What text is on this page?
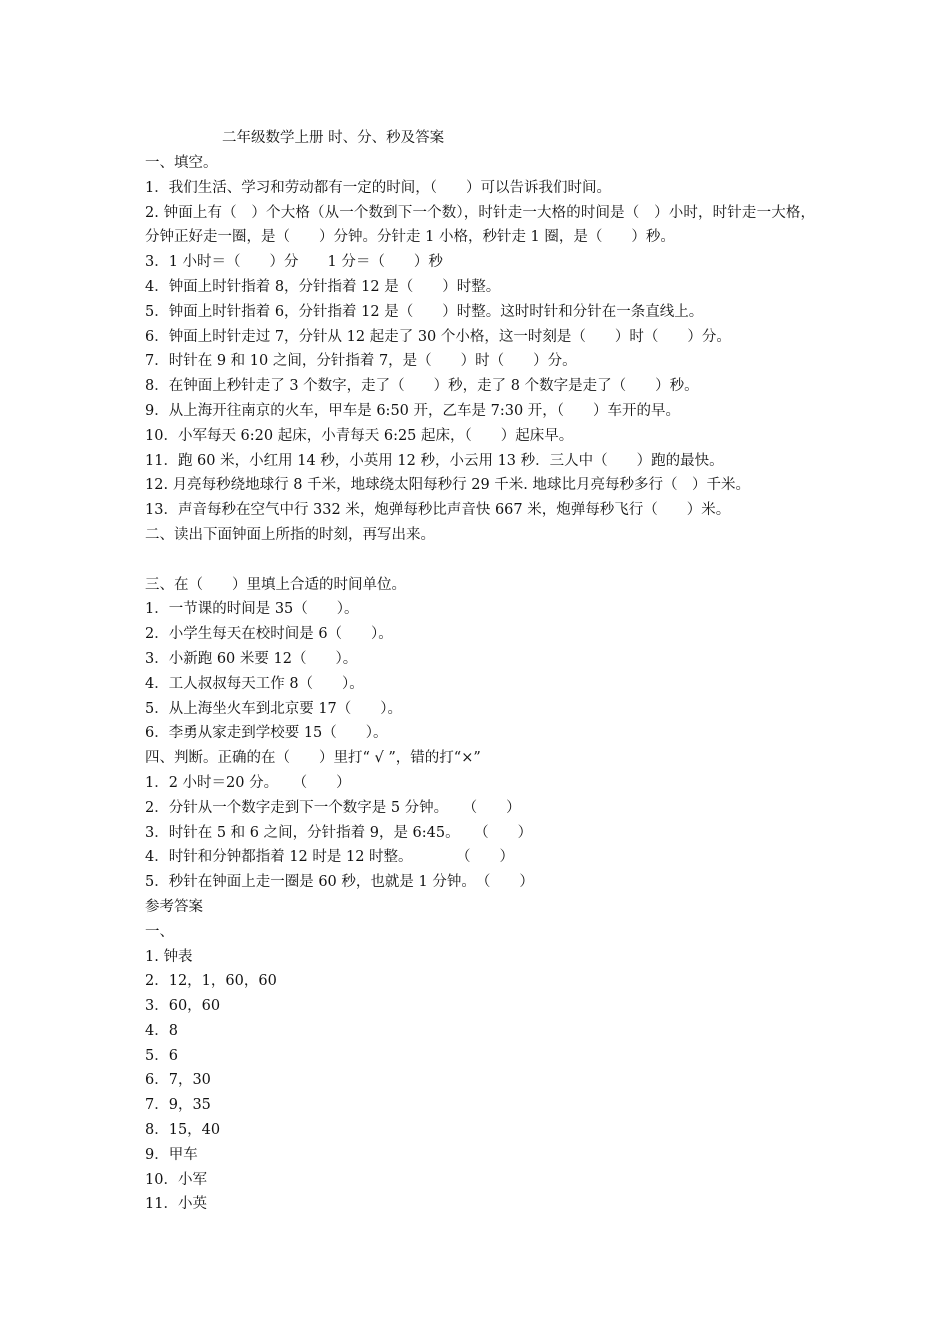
二年级数学上册 时、分、秒及答案
一、填空。
1．我们生活、学习和劳动都有一定的时间，（　　）可以告诉我们时间。
2. 钟面上有（　）个大格（从一个数到下一个数），时针走一大格的时间是（　）小时，时针走一大格，分钟正好走一圈，是（　　）分钟。分针走 1 小格，秒针走 1 圈，是（　　）秒。
3．1 小时＝（　　）分　　1 分＝（　　）秒
4．钟面上时针指着 8，分针指着 12 是（　　）时整。
5．钟面上时针指着 6，分针指着 12 是（　　）时整。这时时针和分针在一条直线上。
6．钟面上时针走过 7，分针从 12 起走了 30 个小格，这一时刻是（　　）时（　　）分。
7．时针在 9 和 10 之间，分针指着 7，是（　　）时（　　）分。
8．在钟面上秒针走了 3 个数字，走了（　　）秒，走了 8 个数字是走了（　　）秒。
9．从上海开往南京的火车，甲车是 6:50 开，乙车是 7:30 开，（　　）车开的早。
10．小军每天 6:20 起床，小青每天 6:25 起床，（　　）起床早。
11．跑 60 米，小红用 14 秒，小英用 12 秒，小云用 13 秒．三人中（　　）跑的最快。
12. 月亮每秒绕地球行 8 千米，地球绕太阳每秒行 29 千米. 地球比月亮每秒多行（　）千米。
13．声音每秒在空气中行 332 米，炮弹每秒比声音快 667 米，炮弹每秒飞行（　　）米。
二、读出下面钟面上所指的时刻，再写出来。
三、在（　　）里填上合适的时间单位。
1．一节课的时间是 35（　　）。
2．小学生每天在校时间是 6（　　）。
3．小新跑 60 米要 12（　　）。
4．工人叔叔每天工作 8（　　）。
5．从上海坐火车到北京要 17（　　）。
6．李勇从家走到学校要 15（　　）。
四、判断。正确的在（　　）里打“ √ ”，错的打“×”
1．2 小时＝20 分。　　（　　）
2．分针从一个数字走到下一个数字是 5 分钟。　　（　　）
3．时针在 5 和 6 之间，分针指着 9，是 6:45。　　（　　）
4．时针和分钟都指着 12 时是 12 时整。　　　　（　　）
5．秒针在钟面上走一圈是 60 秒，也就是 1 分钟。　（　　）
参考答案
一、
1. 钟表
2．12，1，60，60
3．60，60
4．8
5．6
6．7，30
7．9，35
8．15，40
9．甲车
10．小军
11．小英
